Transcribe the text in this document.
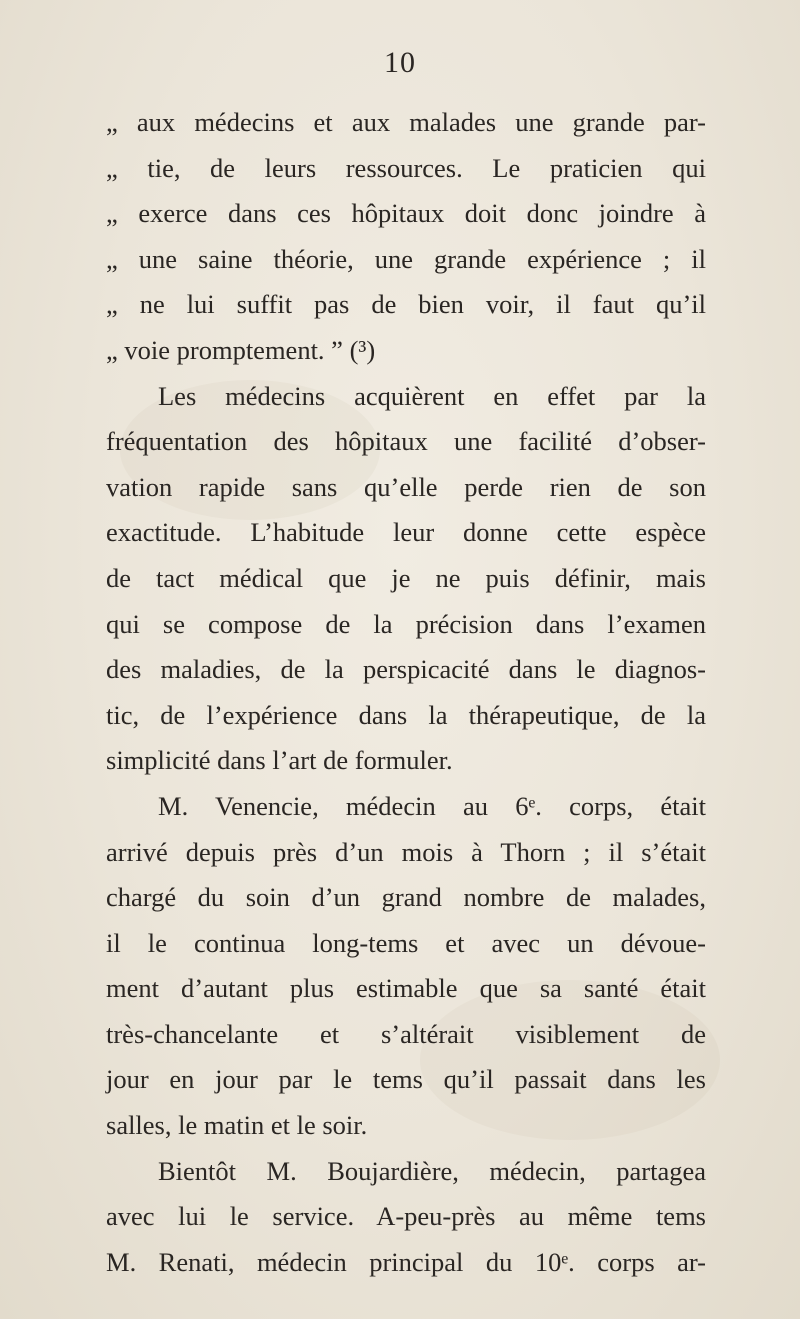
10
„ aux médecins et aux malades une grande par-
„ tie, de leurs ressources. Le praticien qui
„ exerce dans ces hôpitaux doit donc joindre à
„ une saine théorie, une grande expérience ; il
„ ne lui suffit pas de bien voir, il faut qu’il
„ voie promptement. ” (³)
Les médecins acquièrent en effet par la
fréquentation des hôpitaux une facilité d’obser-
vation rapide sans qu’elle perde rien de son
exactitude. L’habitude leur donne cette espèce
de tact médical que je ne puis définir, mais
qui se compose de la précision dans l’examen
des maladies, de la perspicacité dans le diagnos-
tic, de l’expérience dans la thérapeutique, de la
simplicité dans l’art de formuler.
M. Venencie, médecin au 6ᵉ. corps, était
arrivé depuis près d’un mois à Thorn ; il s’était
chargé du soin d’un grand nombre de malades,
il le continua long-tems et avec un dévoue-
ment d’autant plus estimable que sa santé était
très-chancelante et s’altérait visiblement de
jour en jour par le tems qu’il passait dans les
salles, le matin et le soir.
Bientôt M. Boujardière, médecin, partagea
avec lui le service. A-peu-près au même tems
M. Renati, médecin principal du 10ᵉ. corps ar-
